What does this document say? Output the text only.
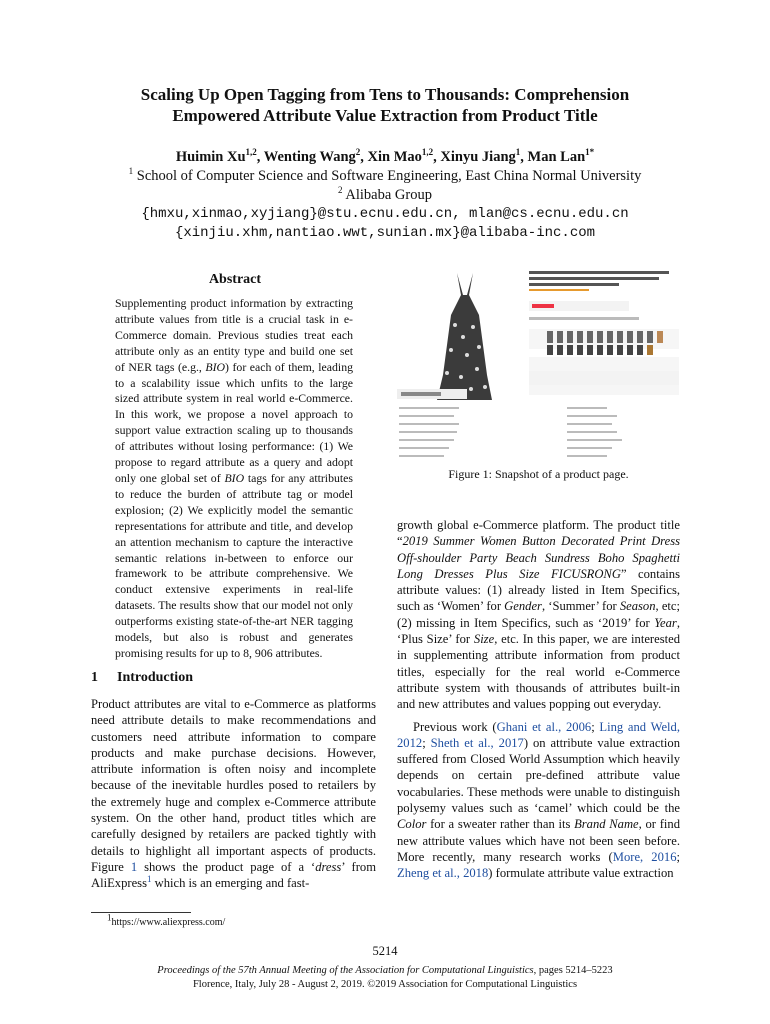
Scaling Up Open Tagging from Tens to Thousands: Comprehension
Empowered Attribute Value Extraction from Product Title
Huimin Xu$^{1,2}$, Wenting Wang$^2$, Xin Mao$^{1,2}$, Xinyu Jiang$^1$, Man Lan$^{1*}$
$^1$ School of Computer Science and Software Engineering, East China Normal University
$^2$ Alibaba Group
{hmxu,xinmao,xyjiang}@stu.ecnu.edu.cn, mlan@cs.ecnu.edu.cn
{xinjiu.xhm,nantiao.wwt,sunian.mx}@alibaba-inc.com
Abstract
Supplementing product information by extracting attribute values from title is a crucial task in e-Commerce domain. Previous studies treat each attribute only as an entity type and build one set of NER tags (e.g., BIO) for each of them, leading to a scalability issue which unfits to the large sized attribute system in real world e-Commerce. In this work, we propose a novel approach to support value extraction scaling up to thousands of attributes without losing performance: (1) We propose to regard attribute as a query and adopt only one global set of BIO tags for any attributes to reduce the burden of attribute tag or model explosion; (2) We explicitly model the semantic representations for attribute and title, and develop an attention mechanism to capture the interactive semantic relations in-between to enforce our framework to be attribute comprehensive. We conduct extensive experiments in real-life datasets. The results show that our model not only outperforms existing state-of-the-art NER tagging models, but also is robust and generates promising results for up to 8, 906 attributes.
1 Introduction
Product attributes are vital to e-Commerce as platforms need attribute details to make recommendations and customers need attribute information to compare products and make purchase decisions. However, attribute information is often noisy and incomplete because of the inevitable hurdles posed to retailers by the extremely huge and complex e-Commerce attribute system. On the other hand, product titles which are carefully designed by retailers are packed tightly with details to highlight all important aspects of products. Figure 1 shows the product page of a ‘dress’ from AliExpress$^1$ which is an emerging and fast-
$^1$https://www.aliexpress.com/
Figure 1: Snapshot of a product page.

growth global e-Commerce platform. The product title “2019 Summer Women Button Decorated Print Dress Off-shoulder Party Beach Sundress Boho Spaghetti Long Dresses Plus Size FICUSRONG” contains attribute values: (1) already listed in Item Specifics, such as ‘Women’ for Gender, ‘Summer’ for Season, etc; (2) missing in Item Specifics, such as ‘2019’ for Year, ‘Plus Size’ for Size, etc. In this paper, we are interested in supplementing attribute information from product titles, especially for the real world e-Commerce attribute system with thousands of attributes built-in and new attributes and values popping out everyday.

Previous work (Ghani et al., 2006; Ling and Weld, 2012; Sheth et al., 2017) on attribute value extraction suffered from Closed World Assumption which heavily depends on certain pre-defined attribute value vocabularies. These methods were unable to distinguish polysemy values such as ‘camel’ which could be the Color for a sweater rather than its Brand Name, or find new attribute values which have not been seen before. More recently, many research works (More, 2016; Zheng et al., 2018) formulate attribute value extraction

5214
Proceedings of the 57th Annual Meeting of the Association for Computational Linguistics, pages 5214–5223
Florence, Italy, July 28 - August 2, 2019. ©2019 Association for Computational Linguistics
